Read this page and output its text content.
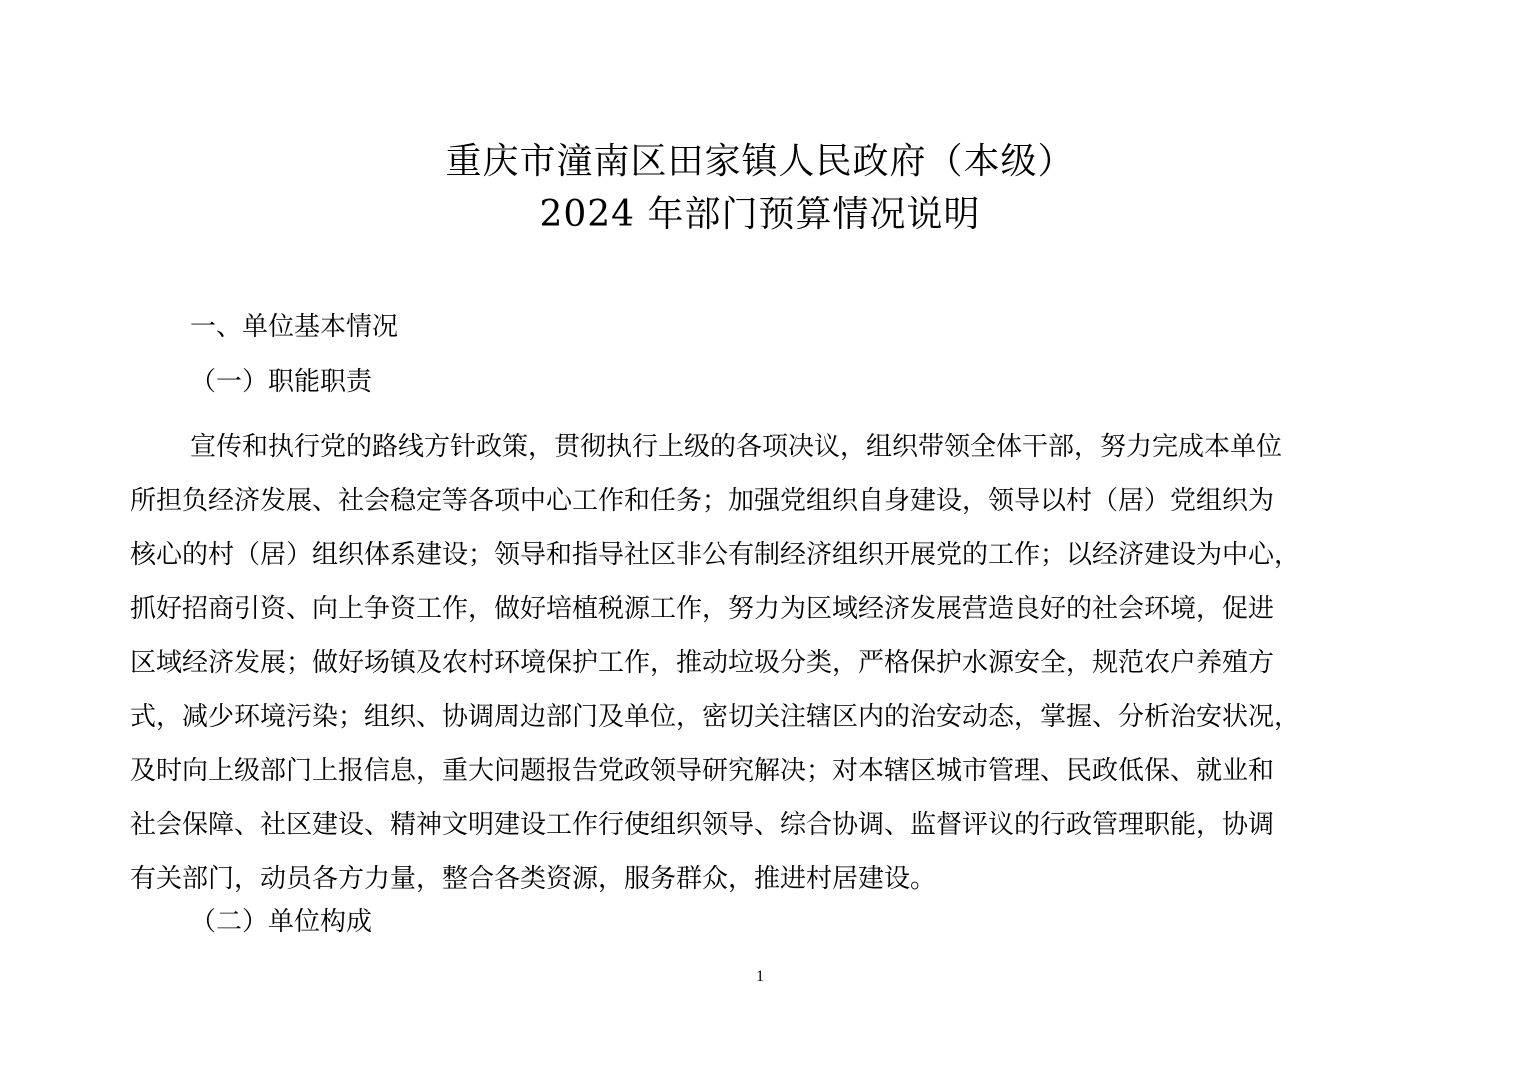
重庆市潼南区田家镇人民政府（本级）
2024 年部门预算情况说明
一、单位基本情况
（一）职能职责
宣传和执行党的路线方针政策，贯彻执行上级的各项决议，组织带领全体干部，努力完成本单位
所担负经济发展、社会稳定等各项中心工作和任务；加强党组织自身建设，领导以村（居）党组织为
核心的村（居）组织体系建设；领导和指导社区非公有制经济组织开展党的工作；以经济建设为中心，
抓好招商引资、向上争资工作，做好培植税源工作，努力为区域经济发展营造良好的社会环境，促进
区域经济发展；做好场镇及农村环境保护工作，推动垃圾分类，严格保护水源安全，规范农户养殖方
式，减少环境污染；组织、协调周边部门及单位，密切关注辖区内的治安动态，掌握、分析治安状况，
及时向上级部门上报信息，重大问题报告党政领导研究解决；对本辖区城市管理、民政低保、就业和
社会保障、社区建设、精神文明建设工作行使组织领导、综合协调、监督评议的行政管理职能，协调
有关部门，动员各方力量，整合各类资源，服务群众，推进村居建设。
（二）单位构成
1
